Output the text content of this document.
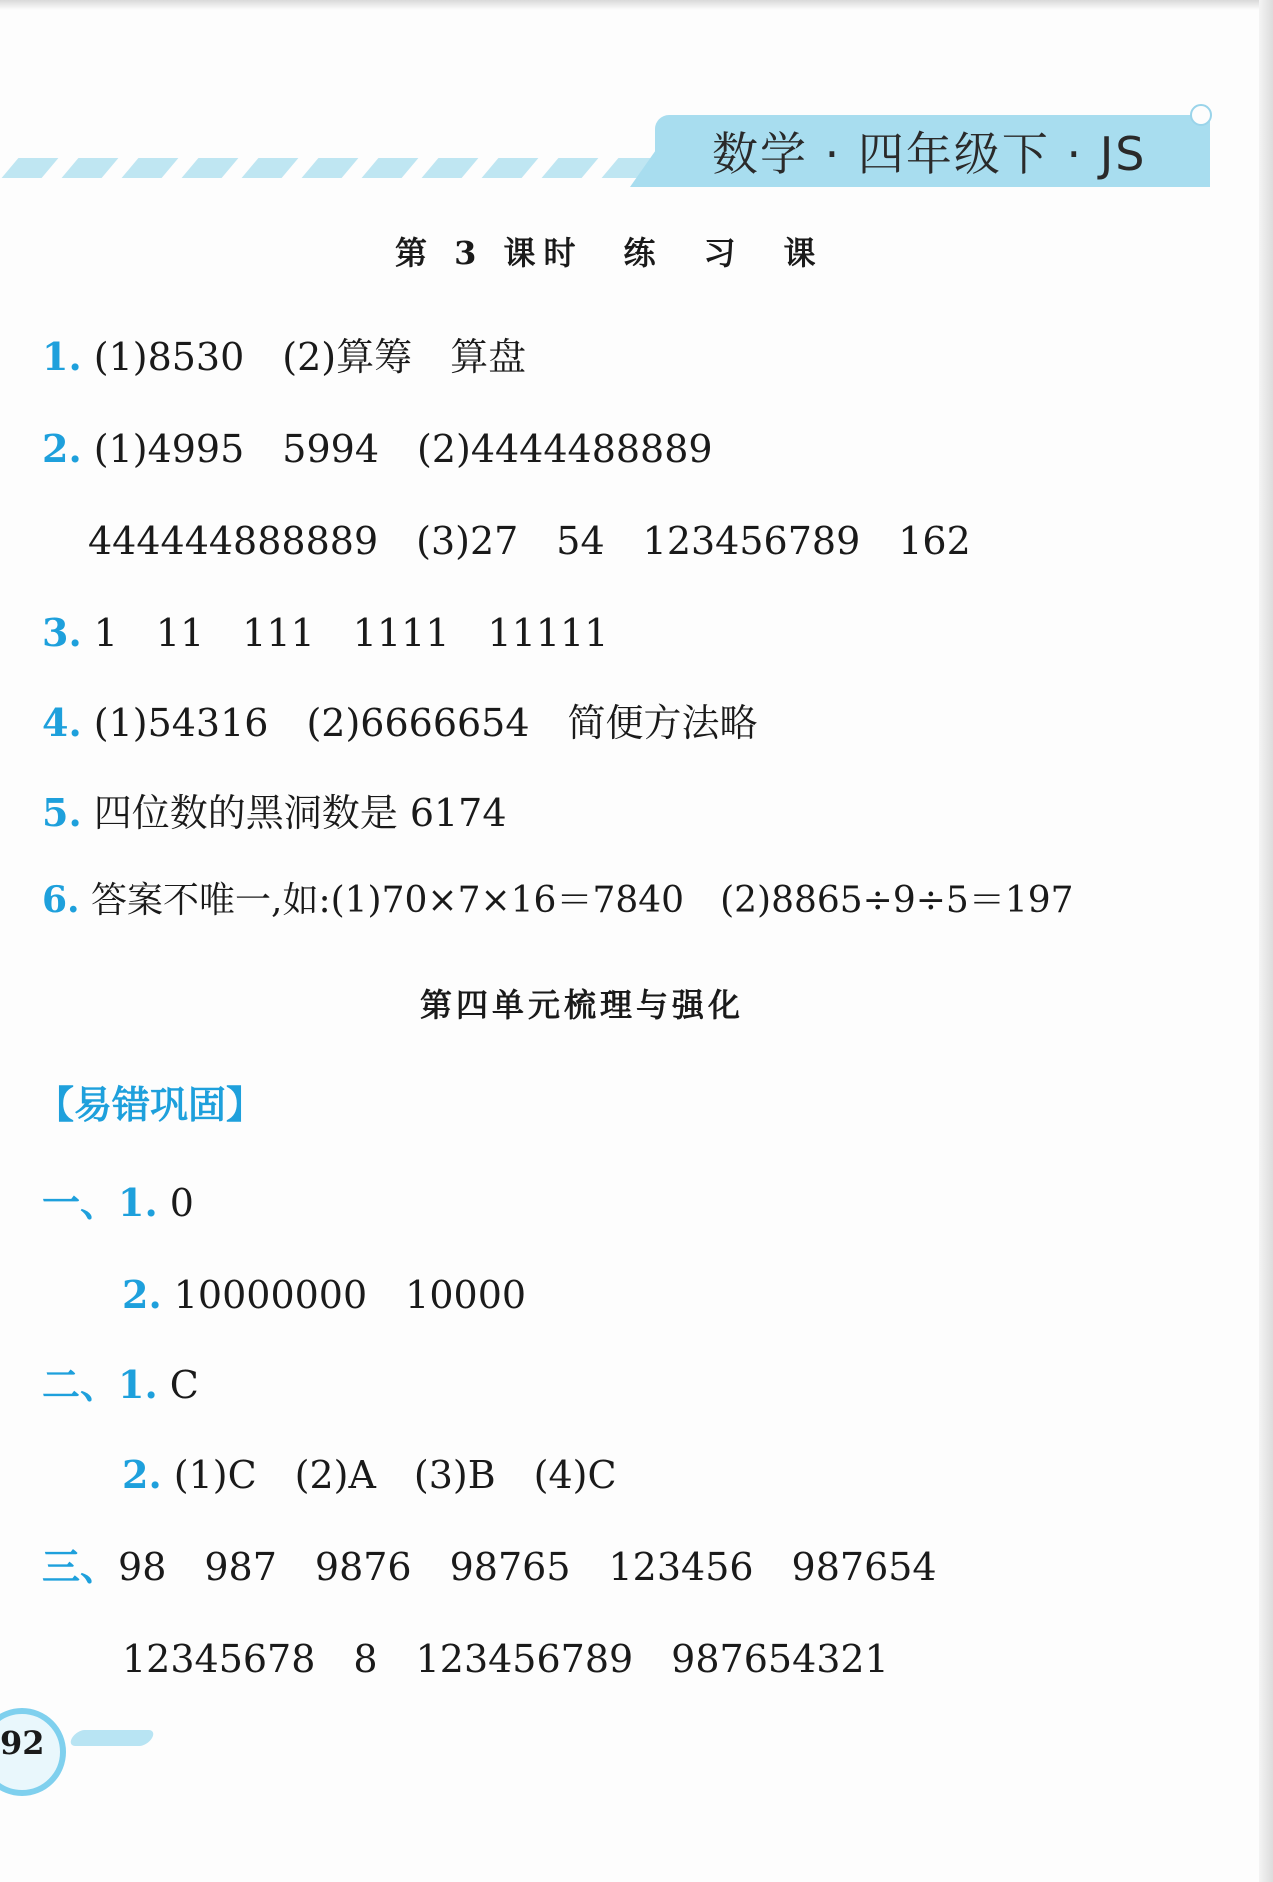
数学 · 四年级下 · JS
第 3 课时　练　习　课
1. (1)8530　(2)算筹　算盘
2. (1)4995　5994　(2)4444488889
444444888889　(3)27　54　123456789　162
3. 1　11　111　1111　11111
4. (1)54316　(2)6666654　简便方法略
5. 四位数的黑洞数是 6174
6. 答案不唯一,如:(1)70×7×16＝7840　(2)8865÷9÷5＝197
第四单元梳理与强化
【易错巩固】
一、1. 0
2. 10000000　10000
二、1. C
2. (1)C　(2)A　(3)B　(4)C
三、98　987　9876　98765　123456　987654
12345678　8　123456789　987654321
92
